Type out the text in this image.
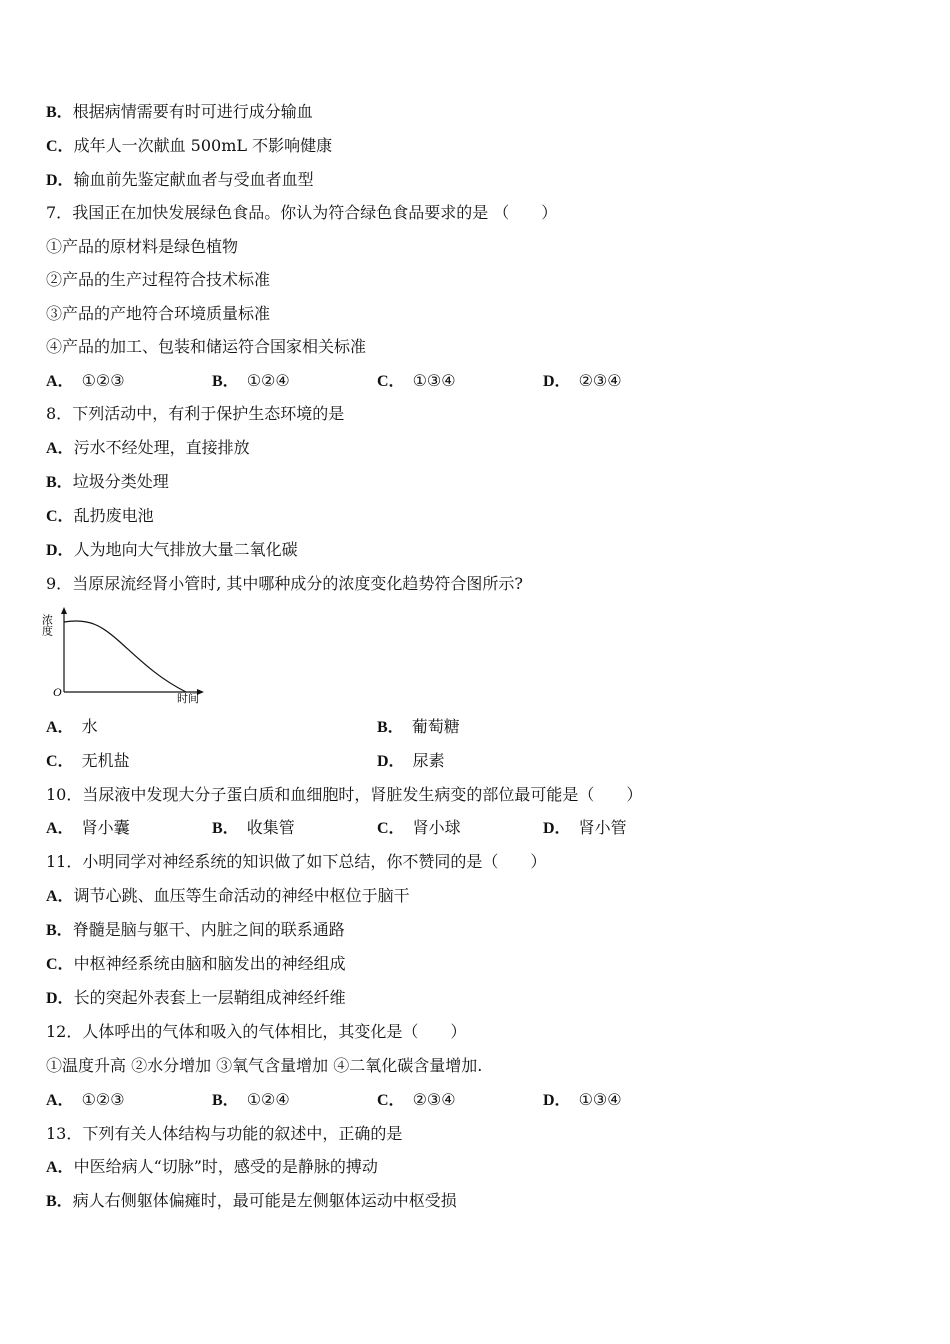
B．根据病情需要有时可进行成分输血
C．成年人一次献血 500mL 不影响健康
D．输血前先鉴定献血者与受血者血型
7．我国正在加快发展绿色食品。你认为符合绿色食品要求的是 （　　）
①产品的原材料是绿色植物
②产品的生产过程符合技术标准
③产品的产地符合环境质量标准
④产品的加工、包装和储运符合国家相关标准
A． ①②③	B． ①②④	C． ①③④	D． ②③④
8．下列活动中，有利于保护生态环境的是
A．污水不经处理，直接排放
B．垃圾分类处理
C．乱扔废电池
D．人为地向大气排放大量二氧化碳
9．当原尿流经肾小管时, 其中哪种成分的浓度变化趋势符合图所示?
浓度
O	时间
A． 水	B． 葡萄糖
C． 无机盐	D． 尿素
10．当尿液中发现大分子蛋白质和血细胞时，肾脏发生病变的部位最可能是（　　）
A． 肾小囊	B． 收集管	C． 肾小球	D． 肾小管
11．小明同学对神经系统的知识做了如下总结，你不赞同的是（　　）
A．调节心跳、血压等生命活动的神经中枢位于脑干
B．脊髓是脑与躯干、内脏之间的联系通路
C．中枢神经系统由脑和脑发出的神经组成
D．长的突起外表套上一层鞘组成神经纤维
12．人体呼出的气体和吸入的气体相比，其变化是（　　）
①温度升高 ②水分增加 ③氧气含量增加 ④二氧化碳含量增加.
A． ①②③	B． ①②④	C． ②③④	D． ①③④
13．下列有关人体结构与功能的叙述中，正确的是
A．中医给病人“切脉”时，感受的是静脉的搏动
B．病人右侧躯体偏瘫时，最可能是左侧躯体运动中枢受损
